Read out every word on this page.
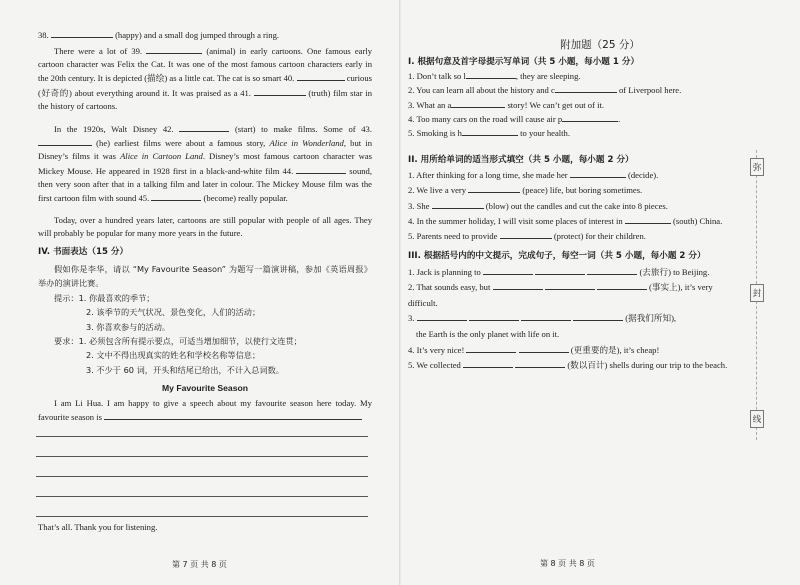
38.	(happy) and a small dog jumped through a ring.

There were a lot of 39.	(animal) in early cartoons. One famous early cartoon character was Felix the Cat. It was one of the most famous cartoon characters early in the 20th century. It is depicted (描绘) as a little cat. The cat is so smart 40.	curious (好奇的) about everything around it. It was praised as a 41.	(truth) film star in the history of cartoons.

In the 1920s, Walt Disney 42.	(start) to make films. Some of 43.  (he) earliest films were about a famous story, Alice in Wonderland, but in Disney’s films it was Alice in Cartoon Land. Disney’s most famous cartoon character was Mickey Mouse. He appeared in 1928 first in a black-and-white film 44.	sound, then very soon after that in a talking film and later in colour. The Mickey Mouse film was the first cartoon film with sound 45.	(become) really popular.

Today, over a hundred years later, cartoons are still popular with people of all ages. They will probably be popular for many more years in the future.

IV. 书面表达（15 分）

假如你是李华，请以 “My Favourite Season” 为题写一篇演讲稿，参加《英语周报》举办的演讲比赛。

提示：1. 你最喜欢的季节；

2. 该季节的天气状况、景色变化，人们的活动；

3. 你喜欢参与的活动。

要求：1. 必须包含所有提示要点，可适当增加细节，以使行文连贯；

2. 文中不得出现真实的姓名和学校名称等信息；

3. 不少于 60 词，开头和结尾已给出，不计入总词数。

My Favourite Season

I am Li Hua. I am happy to give a speech about my favourite season here today. My favourite season is

That’s all. Thank you for listening.

第 7 页 共 8 页
附加题（25 分）

I. 根据句意及首字母提示写单词（共 5 小题，每小题 1 分）

1. Don’t talk so l	, they are sleeping.

2. You can learn all about the history and c	of Liverpool here.

3. What an a	story! We can’t get out of it.

4. Too many cars on the road will cause air p	.

5. Smoking is h	to your health.

II. 用所给单词的适当形式填空（共 5 小题，每小题 2 分）

1. After thinking for a long time, she made her	(decide).

2. We live a very	(peace) life, but boring sometimes.

3. She	(blow) out the candles and cut the cake into 8 pieces.

4. In the summer holiday, I will visit some places of interest in	(south) China.

5. Parents need to provide	(protect) for their children.

III. 根据括号内的中文提示，完成句子，每空一词（共 5 小题，每小题 2 分）

1. Jack is planning to	(去旅行) to Beijing.

2. That sounds easy, but	(事实上), it’s very difficult.

3.	(据我们所知),

the Earth is the only planet with life on it.

4. It’s very nice!	(更重要的是), it’s cheap!

5. We collected	(数以百计) shells during our trip to the beach.

弥
封
线
第 8 页 共 8 页
